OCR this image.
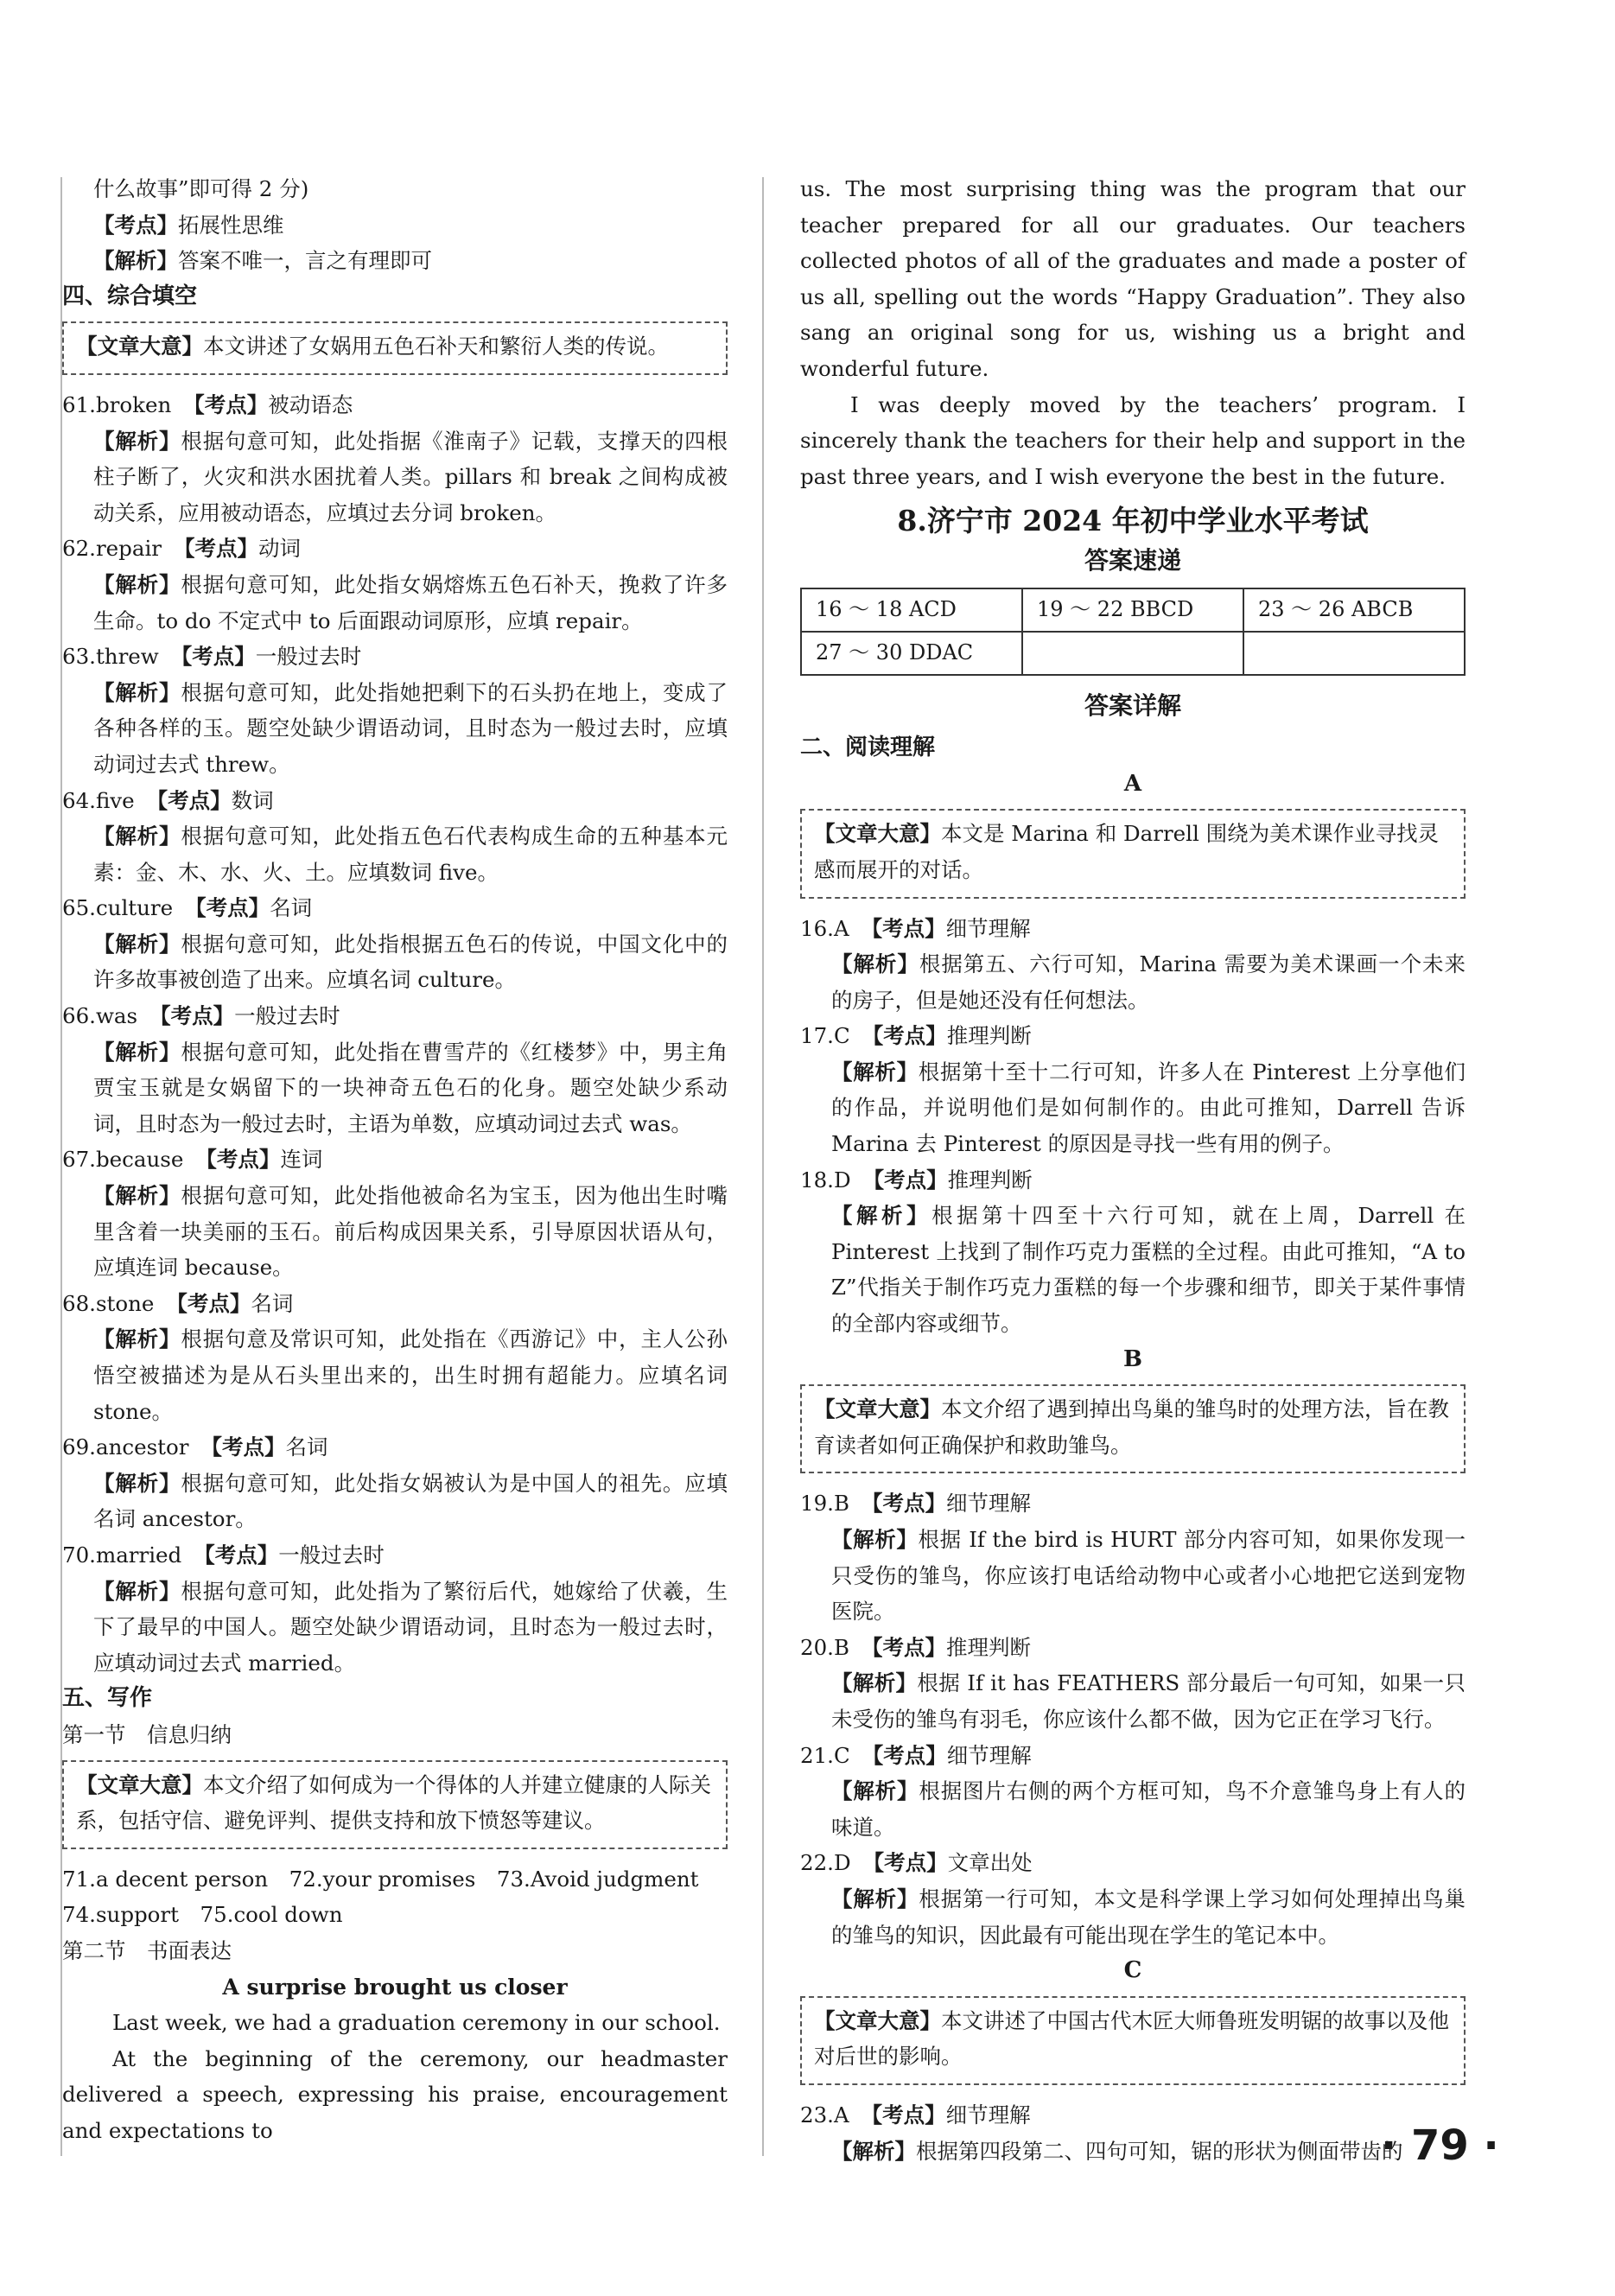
什么故事”即可得 2 分)

【考点】拓展性思维

【解析】答案不唯一，言之有理即可

四、综合填空

【文章大意】本文讲述了女娲用五色石补天和繁衍人类的传说。

61.broken 【考点】被动语态

【解析】根据句意可知，此处指据《淮南子》记载，支撑天的四根柱子断了，火灾和洪水困扰着人类。pillars 和 break 之间构成被动关系，应用被动语态，应填过去分词 broken。

62.repair 【考点】动词

【解析】根据句意可知，此处指女娲熔炼五色石补天，挽救了许多生命。to do 不定式中 to 后面跟动词原形，应填 repair。

63.threw 【考点】一般过去时

【解析】根据句意可知，此处指她把剩下的石头扔在地上，变成了各种各样的玉。题空处缺少谓语动词，且时态为一般过去时，应填动词过去式 threw。

64.five 【考点】数词

【解析】根据句意可知，此处指五色石代表构成生命的五种基本元素：金、木、水、火、土。应填数词 five。

65.culture 【考点】名词

【解析】根据句意可知，此处指根据五色石的传说，中国文化中的许多故事被创造了出来。应填名词 culture。

66.was 【考点】一般过去时

【解析】根据句意可知，此处指在曹雪芹的《红楼梦》中，男主角贾宝玉就是女娲留下的一块神奇五色石的化身。题空处缺少系动词，且时态为一般过去时，主语为单数，应填动词过去式 was。

67.because 【考点】连词

【解析】根据句意可知，此处指他被命名为宝玉，因为他出生时嘴里含着一块美丽的玉石。前后构成因果关系，引导原因状语从句，应填连词 because。

68.stone 【考点】名词

【解析】根据句意及常识可知，此处指在《西游记》中，主人公孙悟空被描述为是从石头里出来的，出生时拥有超能力。应填名词 stone。

69.ancestor 【考点】名词

【解析】根据句意可知，此处指女娲被认为是中国人的祖先。应填名词 ancestor。

70.married 【考点】一般过去时

【解析】根据句意可知，此处指为了繁衍后代，她嫁给了伏羲，生下了最早的中国人。题空处缺少谓语动词，且时态为一般过去时，应填动词过去式 married。

五、写作

第一节　信息归纳

【文章大意】本文介绍了如何成为一个得体的人并建立健康的人际关系，包括守信、避免评判、提供支持和放下愤怒等建议。

71.a decent person　72.your promises　73.Avoid judgment

74.support　75.cool down

第二节　书面表达

A surprise brought us closer

Last week, we had a graduation ceremony in our school.

At the beginning of the ceremony, our headmaster delivered a speech, expressing his praise, encouragement and expectations to

us. The most surprising thing was the program that our teacher prepared for all our graduates. Our teachers collected photos of all of the graduates and made a poster of us all, spelling out the words “Happy Graduation”. They also sang an original song for us, wishing us a bright and wonderful future.

I was deeply moved by the teachers’ program. I sincerely thank the teachers for their help and support in the past three years, and I wish everyone the best in the future.

8.济宁市 2024 年初中学业水平考试

答案速递

16 ～ 18 ACD	19 ～ 22 BBCD	23 ～ 26 ABCB
27 ～ 30 DDAC		

答案详解

二、阅读理解

A

【文章大意】本文是 Marina 和 Darrell 围绕为美术课作业寻找灵感而展开的对话。

16.A 【考点】细节理解

【解析】根据第五、六行可知，Marina 需要为美术课画一个未来的房子，但是她还没有任何想法。

17.C 【考点】推理判断

【解析】根据第十至十二行可知，许多人在 Pinterest 上分享他们的作品，并说明他们是如何制作的。由此可推知，Darrell 告诉 Marina 去 Pinterest 的原因是寻找一些有用的例子。

18.D 【考点】推理判断

【解析】根据第十四至十六行可知，就在上周，Darrell 在 Pinterest 上找到了制作巧克力蛋糕的全过程。由此可推知，“A to Z”代指关于制作巧克力蛋糕的每一个步骤和细节，即关于某件事情的全部内容或细节。

B

【文章大意】本文介绍了遇到掉出鸟巢的雏鸟时的处理方法，旨在教育读者如何正确保护和救助雏鸟。

19.B 【考点】细节理解

【解析】根据 If the bird is HURT 部分内容可知，如果你发现一只受伤的雏鸟，你应该打电话给动物中心或者小心地把它送到宠物医院。

20.B 【考点】推理判断

【解析】根据 If it has FEATHERS 部分最后一句可知，如果一只未受伤的雏鸟有羽毛，你应该什么都不做，因为它正在学习飞行。

21.C 【考点】细节理解

【解析】根据图片右侧的两个方框可知，鸟不介意雏鸟身上有人的味道。

22.D 【考点】文章出处

【解析】根据第一行可知，本文是科学课上学习如何处理掉出鸟巢的雏鸟的知识，因此最有可能出现在学生的笔记本中。

C

【文章大意】本文讲述了中国古代木匠大师鲁班发明锯的故事以及他对后世的影响。

23.A 【考点】细节理解

【解析】根据第四段第二、四句可知，锯的形状为侧面带齿的

· 79 ·
